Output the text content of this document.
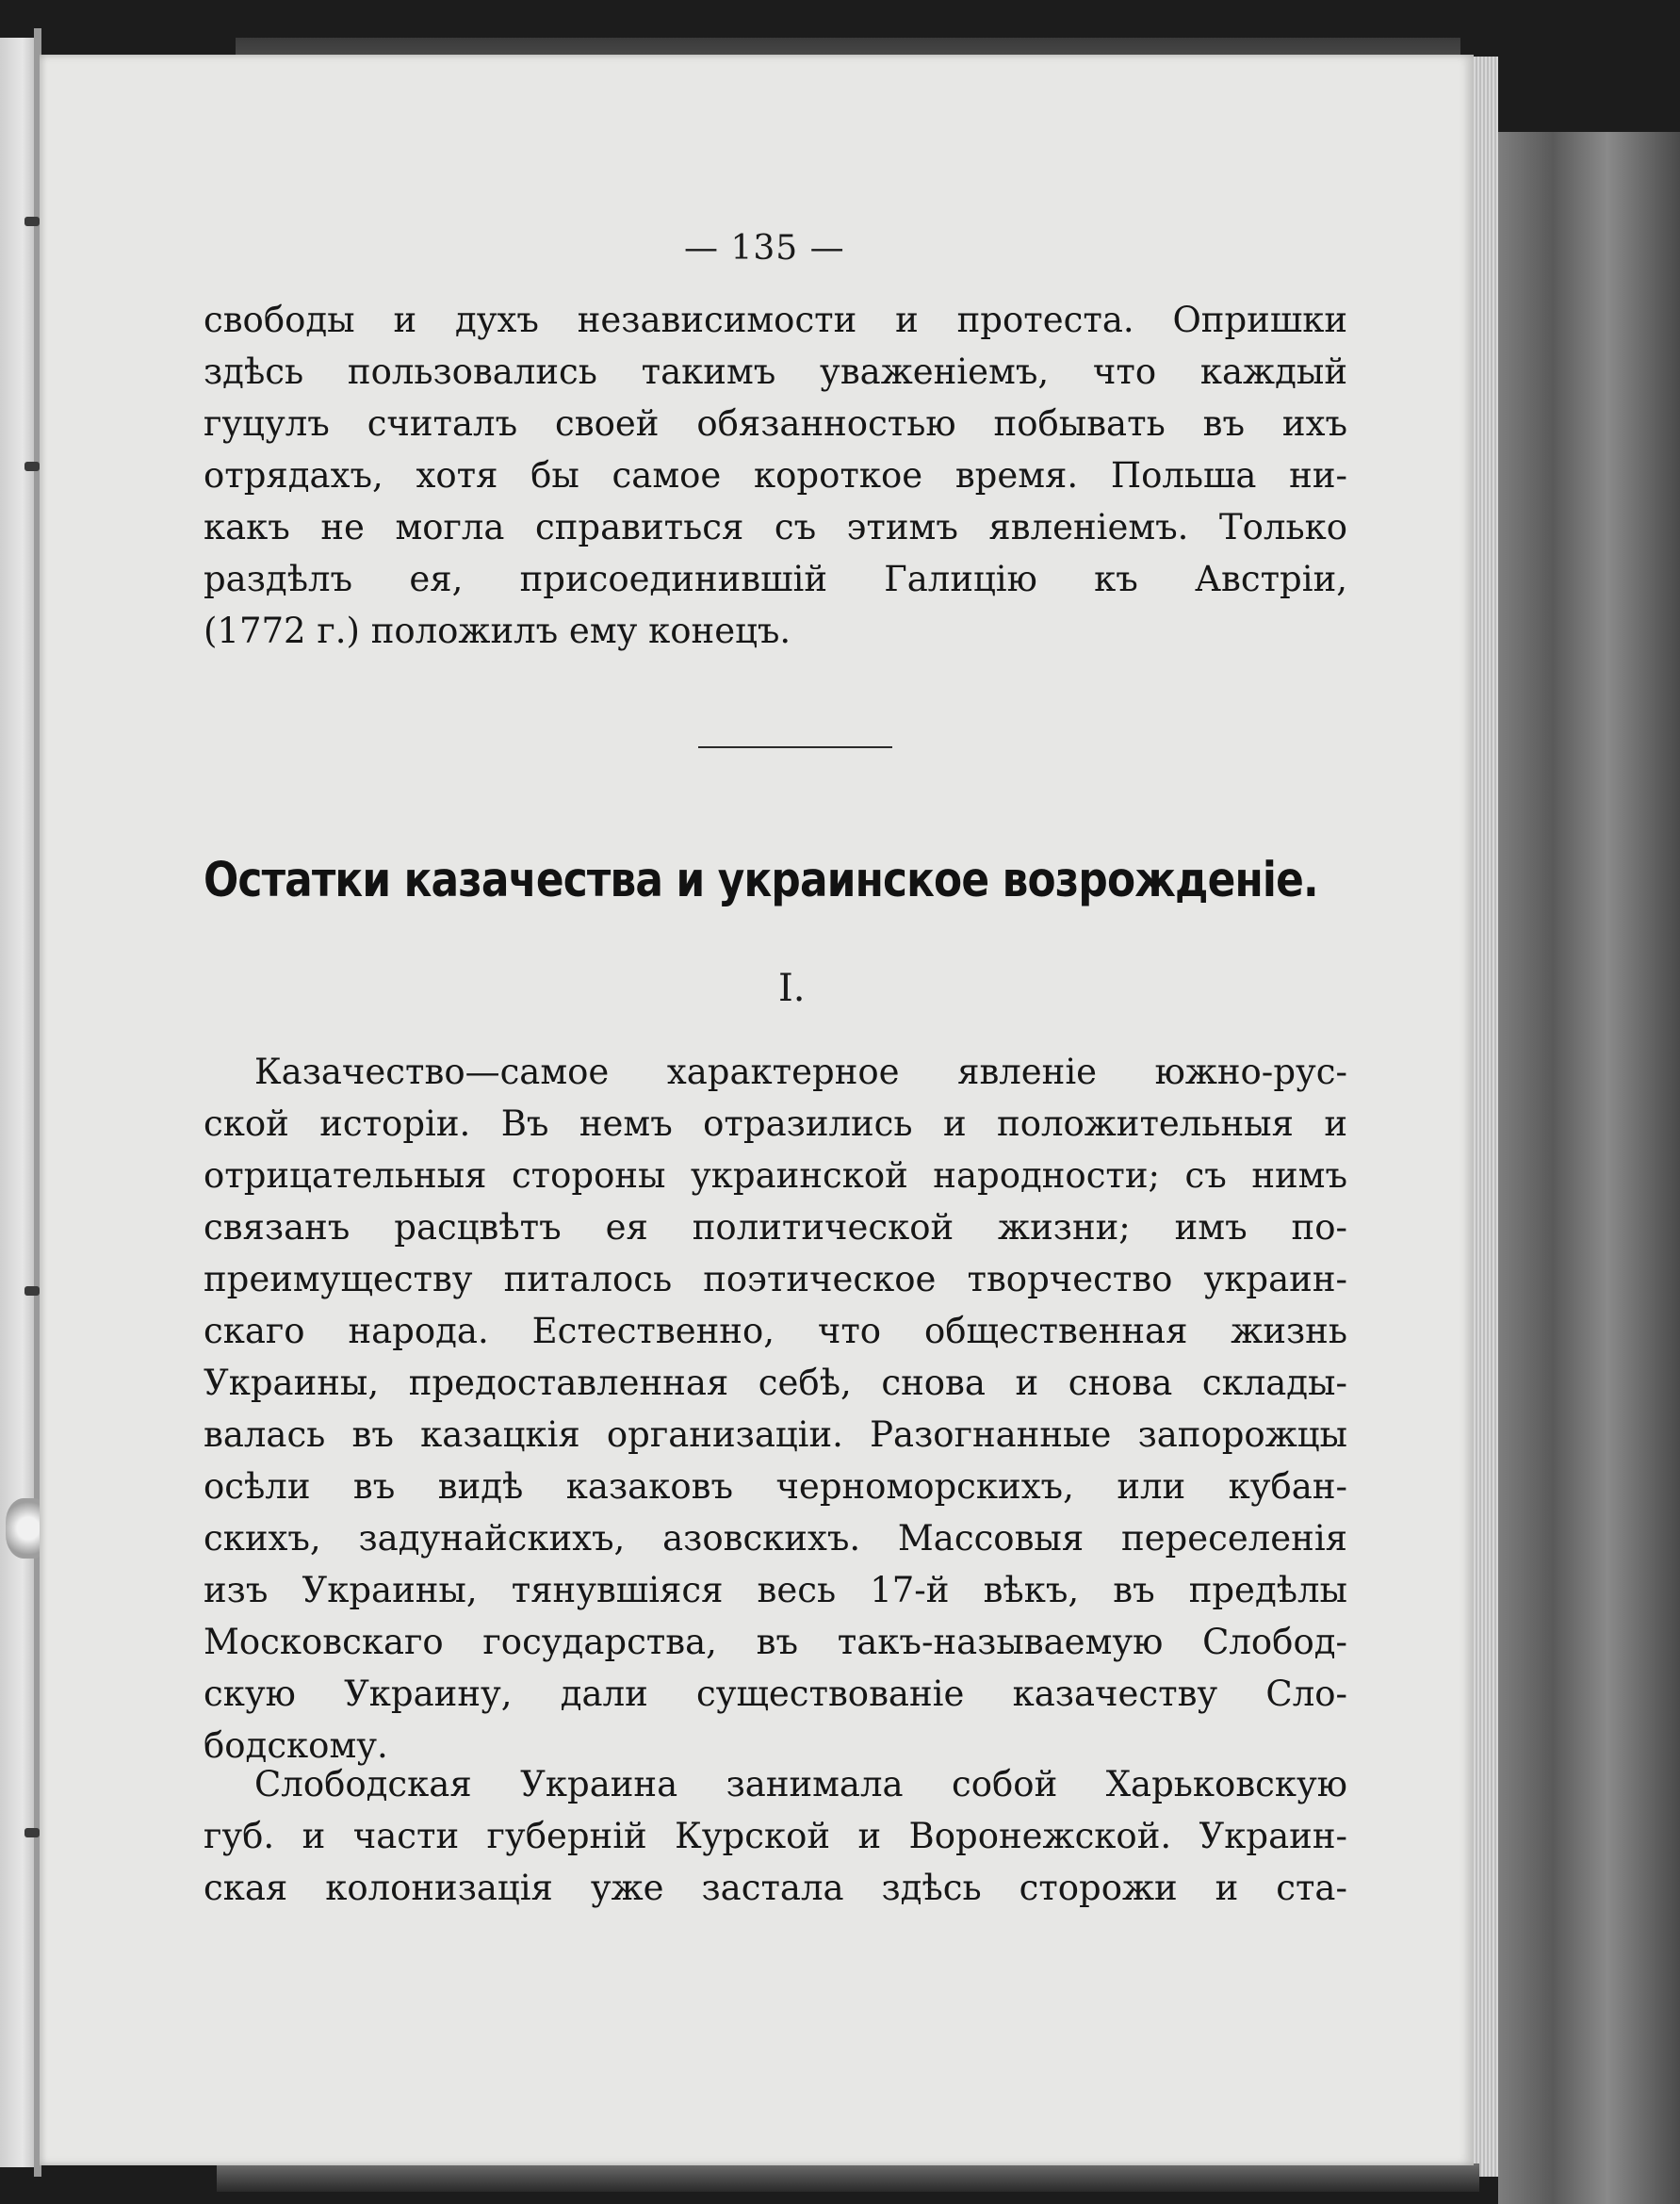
— 135 —
свободы и духъ независимости и протеста. Опришки
здѣсь пользовались такимъ уваженіемъ, что каждый
гуцулъ считалъ своей обязанностью побывать въ ихъ
отрядахъ, хотя бы самое короткое время. Польша ни-
какъ не могла справиться съ этимъ явленіемъ. Только
раздѣлъ ея, присоединившій Галицію къ Австріи,
(1772 г.) положилъ ему конецъ.
Остатки казачества и украинское возрожденіе.
I.
Казачество—самое характерное явленіе южно-рус-
ской исторіи. Въ немъ отразились и положительныя и
отрицательныя стороны украинской народности; съ нимъ
связанъ расцвѣтъ ея политической жизни; имъ по-
преимуществу питалось поэтическое творчество украин-
скаго народа. Естественно, что общественная жизнь
Украины, предоставленная себѣ, снова и снова склады-
валась въ казацкія организаціи. Разогнанные запорожцы
осѣли въ видѣ казаковъ черноморскихъ, или кубан-
скихъ, задунайскихъ, азовскихъ. Массовыя переселенія
изъ Украины, тянувшіяся весь 17-й вѣкъ, въ предѣлы
Московскаго государства, въ такъ-называемую Слобод-
скую Украину, дали существованіе казачеству Сло-
бодскому.
Слободская Украина занимала собой Харьковскую
губ. и части губерній Курской и Воронежской. Украин-
ская колонизація уже застала здѣсь сторожи и ста-
